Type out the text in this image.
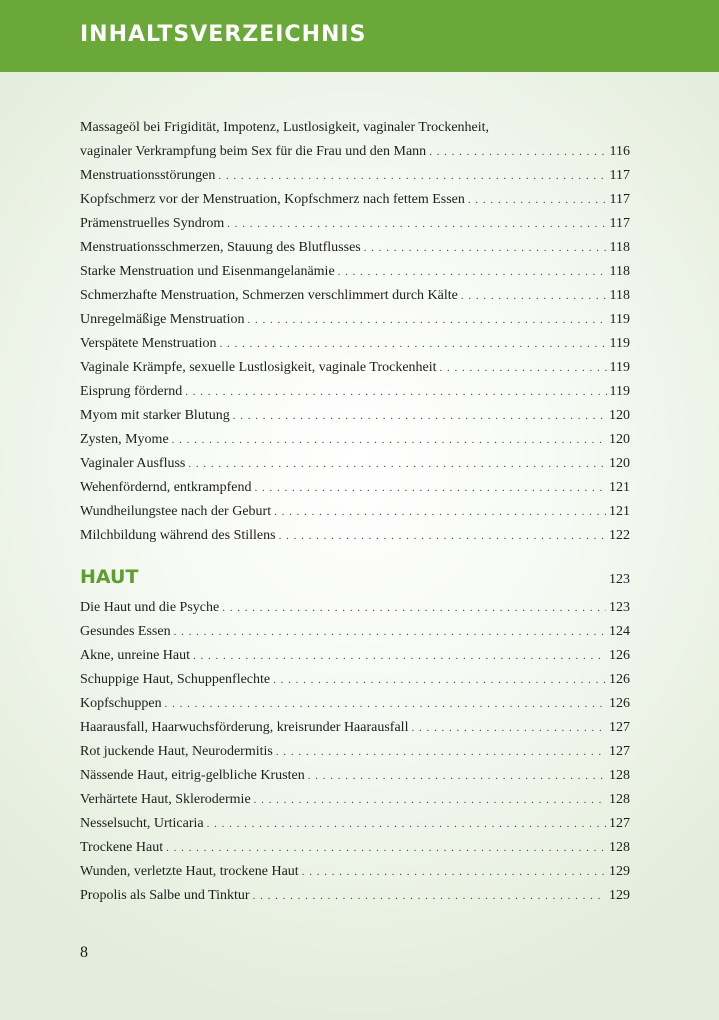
INHALTSVERZEICHNIS
Massageöl bei Frigidität, Impotenz, Lustlosigkeit, vaginaler Trockenheit,
vaginaler Verkrampfung beim Sex für die Frau und den Mann . . .	116
Menstruationsstörungen . . .	117
Kopfschmerz vor der Menstruation, Kopfschmerz nach fettem Essen . . .	117
Prämenstruelles Syndrom . . .	117
Menstruationsschmerzen, Stauung des Blutflusses . . .	118
Starke Menstruation und Eisenmangelanämie . . .	118
Schmerzhafte Menstruation, Schmerzen verschlimmert durch Kälte . . .	118
Unregelmäßige Menstruation . . .	119
Verspätete Menstruation . . .	119
Vaginale Krämpfe, sexuelle Lustlosigkeit, vaginale Trockenheit . . .	119
Eisprung fördernd . . .	119
Myom mit starker Blutung . . .	120
Zysten, Myome . . .	120
Vaginaler Ausfluss . . .	120
Wehenfördernd, entkrampfend . . .	121
Wundheilungstee nach der Geburt . . .	121
Milchbildung während des Stillens . . .	122
HAUT	123
Die Haut und die Psyche . . .	123
Gesundes Essen . . .	124
Akne, unreine Haut . . .	126
Schuppige Haut, Schuppenflechte . . .	126
Kopfschuppen . . .	126
Haarausfall, Haarwuchsförderung, kreisrunder Haarausfall . . .	127
Rot juckende Haut, Neurodermitis . . .	127
Nässende Haut, eitrig-gelbliche Krusten . . .	128
Verhärtete Haut, Sklerodermie . . .	128
Nesselsucht, Urticaria . . .	127
Trockene Haut . . .	128
Wunden, verletzte Haut, trockene Haut . . .	129
Propolis als Salbe und Tinktur . . .	129
8
